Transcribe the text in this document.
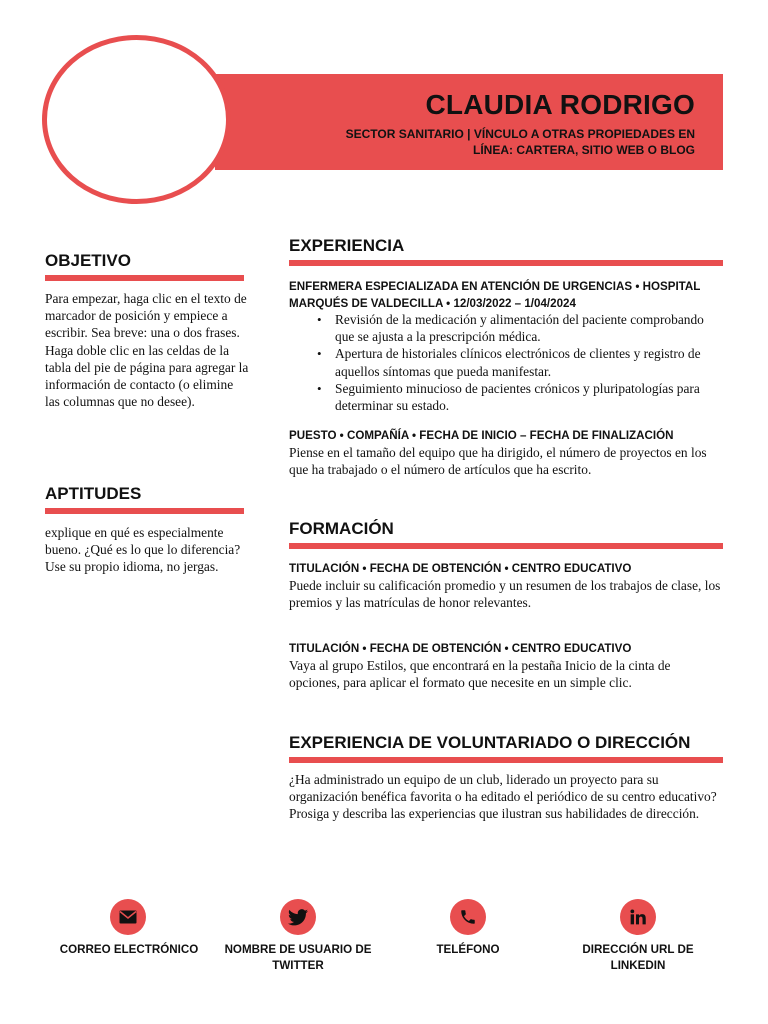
CLAUDIA RODRIGO
SECTOR SANITARIO | VÍNCULO A OTRAS PROPIEDADES EN LÍNEA: CARTERA, SITIO WEB O BLOG
OBJETIVO
Para empezar, haga clic en el texto de marcador de posición y empiece a escribir. Sea breve: una o dos frases.
Haga doble clic en las celdas de la tabla del pie de página para agregar la información de contacto (o elimine las columnas que no desee).
APTITUDES
explique en qué es especialmente bueno. ¿Qué es lo que lo diferencia? Use su propio idioma, no jergas.
EXPERIENCIA
ENFERMERA ESPECIALIZADA EN ATENCIÓN DE URGENCIAS • HOSPITAL MARQUÉS DE VALDECILLA • 12/03/2022 – 1/04/2024
• Revisión de la medicación y alimentación del paciente comprobando que se ajusta a la prescripción médica.
• Apertura de historiales clínicos electrónicos de clientes y registro de aquellos síntomas que pueda manifestar.
• Seguimiento minucioso de pacientes crónicos y pluripatologías para determinar su estado.
PUESTO • COMPAÑÍA • FECHA DE INICIO – FECHA DE FINALIZACIÓN
Piense en el tamaño del equipo que ha dirigido, el número de proyectos en los que ha trabajado o el número de artículos que ha escrito.
FORMACIÓN
TITULACIÓN • FECHA DE OBTENCIÓN • CENTRO EDUCATIVO
Puede incluir su calificación promedio y un resumen de los trabajos de clase, los premios y las matrículas de honor relevantes.
TITULACIÓN • FECHA DE OBTENCIÓN • CENTRO EDUCATIVO
Vaya al grupo Estilos, que encontrará en la pestaña Inicio de la cinta de opciones, para aplicar el formato que necesite en un simple clic.
EXPERIENCIA DE VOLUNTARIADO O DIRECCIÓN
¿Ha administrado un equipo de un club, liderado un proyecto para su organización benéfica favorita o ha editado el periódico de su centro educativo? Prosiga y describa las experiencias que ilustran sus habilidades de dirección.
CORREO ELECTRÓNICO	NOMBRE DE USUARIO DE TWITTER
TELÉFONO	DIRECCIÓN URL DE LINKEDIN
